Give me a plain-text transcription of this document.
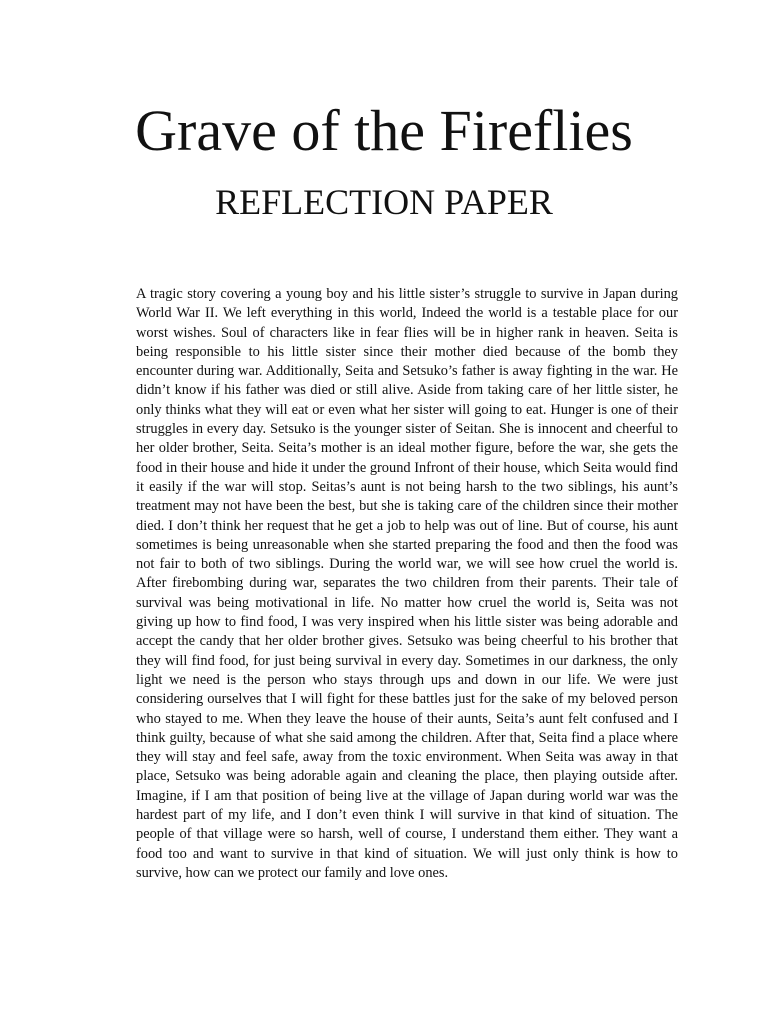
Grave of the Fireflies
REFLECTION PAPER

A tragic story covering a young boy and his little sister’s struggle to survive in Japan during World War II. We left everything in this world, Indeed the world is a testable place for our worst wishes. Soul of characters like in fear flies will be in higher rank in heaven. Seita is being responsible to his little sister since their mother died because of the bomb they encounter during war. Additionally, Seita and Setsuko’s father is away fighting in the war. He didn’t know if his father was died or still alive. Aside from taking care of her little sister, he only thinks what they will eat or even what her sister will going to eat. Hunger is one of their struggles in every day. Setsuko is the younger sister of Seitan. She is innocent and cheerful to her older brother, Seita. Seita’s mother is an ideal mother figure, before the war, she gets the food in their house and hide it under the ground Infront of their house, which Seita would find it easily if the war will stop. Seitas’s aunt is not being harsh to the two siblings, his aunt’s treatment may not have been the best, but she is taking care of the children since their mother died. I don’t think her request that he get a job to help was out of line. But of course, his aunt sometimes is being unreasonable when she started preparing the food and then the food was not fair to both of two siblings. During the world war, we will see how cruel the world is. After firebombing during war, separates the two children from their parents. Their tale of survival was being motivational in life. No matter how cruel the world is, Seita was not giving up how to find food, I was very inspired when his little sister was being adorable and accept the candy that her older brother gives. Setsuko was being cheerful to his brother that they will find food, for just being survival in every day. Sometimes in our darkness, the only light we need is the person who stays through ups and down in our life. We were just considering ourselves that I will fight for these battles just for the sake of my beloved person who stayed to me. When they leave the house of their aunts, Seita’s aunt felt confused and I think guilty, because of what she said among the children. After that, Seita find a place where they will stay and feel safe, away from the toxic environment. When Seita was away in that place, Setsuko was being adorable again and cleaning the place, then playing outside after. Imagine, if I am that position of being live at the village of Japan during world war was the hardest part of my life, and I don’t even think I will survive in that kind of situation. The people of that village were so harsh, well of course, I understand them either. They want a food too and want to survive in that kind of situation. We will just only think is how to survive, how can we protect our family and love ones.
